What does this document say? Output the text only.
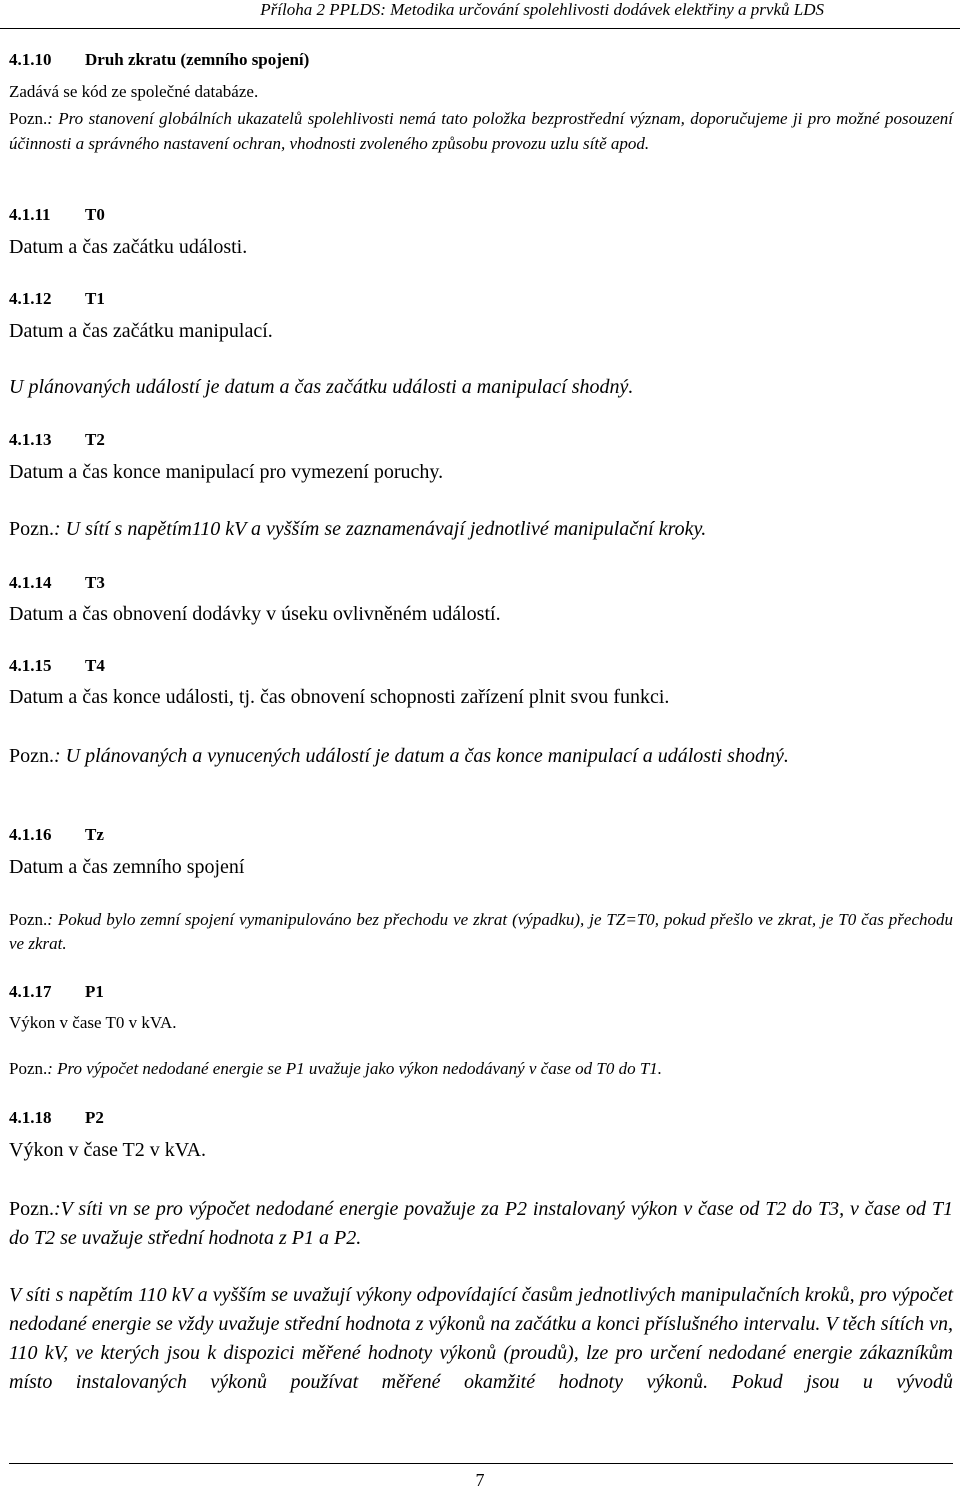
Příloha 2 PPLDS: Metodika určování spolehlivosti dodávek elektřiny a prvků LDS
4.1.10 Druh zkratu (zemního spojení)
Zadává se kód ze společné databáze.
Pozn.: Pro stanovení globálních ukazatelů spolehlivosti nemá tato položka bezprostřední význam, doporučujeme ji pro možné posouzení účinnosti a správného nastavení ochran, vhodnosti zvoleného způsobu provozu uzlu sítě apod.
4.1.11 T0
Datum a čas začátku události.
4.1.12 T1
Datum a čas začátku manipulací.
U plánovaných událostí je datum a čas začátku události a manipulací shodný.
4.1.13 T2
Datum a čas konce manipulací pro vymezení poruchy.
Pozn.: U sítí s napětím110 kV a vyšším se zaznamenávají jednotlivé manipulační kroky.
4.1.14 T3
Datum a čas obnovení dodávky v úseku ovlivněném událostí.
4.1.15 T4
Datum a čas konce události, tj. čas obnovení schopnosti zařízení plnit svou funkci.
Pozn.: U plánovaných a vynucených událostí je datum a čas konce manipulací a události shodný.
4.1.16 Tz
Datum a čas zemního spojení
Pozn.: Pokud bylo zemní spojení vymanipulováno bez přechodu ve zkrat (výpadku), je TZ=T0, pokud přešlo ve zkrat, je T0 čas přechodu ve zkrat.
4.1.17 P1
Výkon v čase T0 v kVA.
Pozn.: Pro výpočet nedodané energie se P1 uvažuje jako výkon nedodávaný v čase od T0 do T1.
4.1.18 P2
Výkon v čase T2 v kVA.
Pozn.:V síti vn se pro výpočet nedodané energie považuje za P2 instalovaný výkon v čase od T2 do T3, v čase od T1 do T2 se uvažuje střední hodnota z P1 a P2.
V síti s napětím 110 kV a vyšším se uvažují výkony odpovídající časům jednotlivých manipulačních kroků, pro výpočet nedodané energie se vždy uvažuje střední hodnota z výkonů na začátku a konci příslušného intervalu. V těch sítích vn, 110 kV, ve kterých jsou k dispozici měřené hodnoty výkonů (proudů), lze pro určení nedodané energie zákazníkům místo instalovaných výkonů používat měřené okamžité hodnoty výkonů. Pokud jsou u vývodů
7
